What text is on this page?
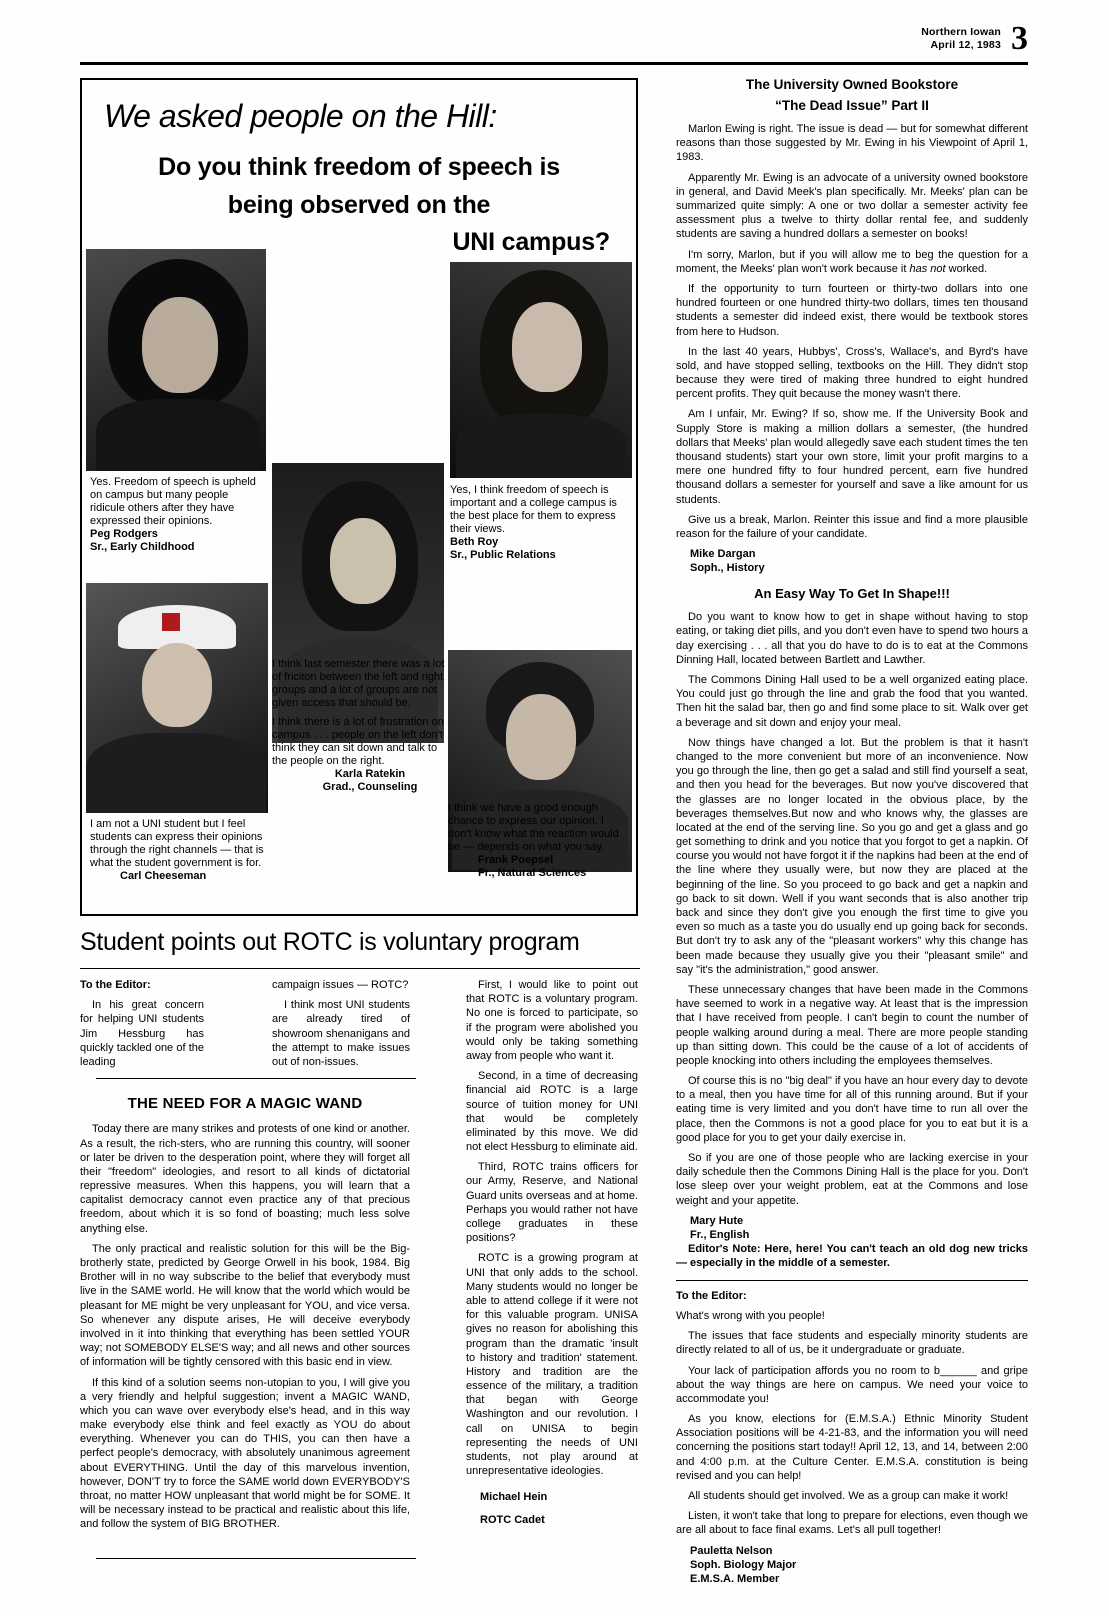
Northern Iowan
April 12, 1983 3
We asked people on the Hill:
Do you think freedom of speech is
being observed on the
UNI campus?
Yes. Freedom of speech is upheld on campus but many people ridicule others after they have expressed their opinions.
Peg Rodgers
Sr., Early Childhood
Yes, I think freedom of speech is important and a college campus is the best place for them to express their views.
Beth Roy
Sr., Public Relations
I think last semester there was a lot of friciton between the left and right groups and a lot of groups are not given access that should be.
I think there is a lot of frustration on campus . . . people on the left don't think they can sit down and talk to the people on the right.
Karla Ratekin
Grad., Counseling
I am not a UNI student but I feel students can express their opinions through the right channels — that is what the student government is for.
Carl Cheeseman
I think we have a good enough chance to express our opinion. I don't know what the reaction would be — depends on what you say.
Frank Poepsel
Fr., Natural Sciences
Student points out ROTC is voluntary program

To the Editor:

In his great concern for helping UNI students Jim Hessburg has quickly tackled one of the leading

campaign issues — ROTC?

I think most UNI students are already tired of showroom shenanigans and the attempt to make issues out of non-issues.

First, I would like to point out that ROTC is a voluntary program. No one is forced to participate, so if the program were abolished you would only be taking something away from people who want it.

Second, in a time of decreasing financial aid ROTC is a large source of tuition money for UNI that would be completely eliminated by this move. We did not elect Hessburg to eliminate aid.

Third, ROTC trains officers for our Army, Reserve, and National Guard units overseas and at home. Perhaps you would rather not have college graduates in these positions?

ROTC is a growing program at UNI that only adds to the school. Many students would no longer be able to attend college if it were not for this valuable program. UNISA gives no reason for abolishing this program than the dramatic 'insult to history and tradition' statement. History and tradition are the essence of the military, a tradition that began with George Washington and our revolution. I call on UNISA to begin representing the needs of UNI students, not play around at unrepresentative ideologies.

Michael Hein

ROTC Cadet

THE NEED FOR A MAGIC WAND

Today there are many strikes and protests of one kind or another. As a result, the rich-sters, who are running this country, will sooner or later be driven to the desperation point, where they will forget all their "freedom" ideologies, and resort to all kinds of dictatorial repressive measures. When this happens, you will learn that a capitalist democracy cannot even practice any of that precious freedom, about which it is so fond of boasting; much less solve anything else.

The only practical and realistic solution for this will be the Big-brotherly state, predicted by George Orwell in his book, 1984. Big Brother will in no way subscribe to the belief that everybody must live in the SAME world. He will know that the world which would be pleasant for ME might be very unpleasant for YOU, and vice versa. So whenever any dispute arises, He will deceive everybody involved in it into thinking that everything has been settled YOUR way; not SOMEBODY ELSE'S way; and all news and other sources of information will be tightly censored with this basic end in view.

If this kind of a solution seems non-utopian to you, I will give you a very friendly and helpful suggestion; invent a MAGIC WAND, which you can wave over everybody else's head, and in this way make everybody else think and feel exactly as YOU do about everything. Whenever you can do THIS, you can then have a perfect people's democracy, with absolutely unanimous agreement about EVERYTHING. Until the day of this marvelous invention, however, DON'T try to force the SAME world down EVERYBODY'S throat, no matter HOW unpleasant that world might be for SOME. It will be necessary instead to be practical and realistic about this life, and follow the system of BIG BROTHER.

The University Owned Bookstore
“The Dead Issue” Part II

Marlon Ewing is right. The issue is dead — but for somewhat different reasons than those suggested by Mr. Ewing in his Viewpoint of April 1, 1983.

Apparently Mr. Ewing is an advocate of a university owned bookstore in general, and David Meek's plan specifically. Mr. Meeks' plan can be summarized quite simply: A one or two dollar a semester activity fee assessment plus a twelve to thirty dollar rental fee, and suddenly students are saving a hundred dollars a semester on books!

I'm sorry, Marlon, but if you will allow me to beg the question for a moment, the Meeks' plan won't work because it has not worked.

If the opportunity to turn fourteen or thirty-two dollars into one hundred fourteen or one hundred thirty-two dollars, times ten thousand students a semester did indeed exist, there would be textbook stores from here to Hudson.

In the last 40 years, Hubbys', Cross's, Wallace's, and Byrd's have sold, and have stopped selling, textbooks on the Hill. They didn't stop because they were tired of making three hundred to eight hundred percent profits. They quit because the money wasn't there.

Am I unfair, Mr. Ewing? If so, show me. If the University Book and Supply Store is making a million dollars a semester, (the hundred dollars that Meeks' plan would allegedly save each student times the ten thousand students) start your own store, limit your profit margins to a mere one hundred fifty to four hundred percent, earn five hundred thousand dollars a semester for yourself and save a like amount for us students.

Give us a break, Marlon. Reinter this issue and find a more plausible reason for the failure of your candidate.

Mike Dargan

Soph., History

An Easy Way To Get In Shape!!!

Do you want to know how to get in shape without having to stop eating, or taking diet pills, and you don't even have to spend two hours a day exercising . . . all that you do have to do is to eat at the Commons Dinning Hall, located between Bartlett and Lawther.

The Commons Dining Hall used to be a well organized eating place. You could just go through the line and grab the food that you wanted. Then hit the salad bar, then go and find some place to sit. Walk over get a beverage and sit down and enjoy your meal.

Now things have changed a lot. But the problem is that it hasn't changed to the more convenient but more of an inconvenience. Now you go through the line, then go get a salad and still find yourself a seat, and then you head for the beverages. But now you've discovered that the glasses are no longer located in the obvious place, by the beverages themselves.But now and who knows why, the glasses are located at the end of the serving line. So you go and get a glass and go get something to drink and you notice that you forgot to get a napkin. Of course you would not have forgot it if the napkins had been at the end of the line where they usually were, but now they are placed at the beginning of the line. So you proceed to go back and get a napkin and go back to sit down. Well if you want seconds that is also another trip back and since they don't give you enough the first time to give you even so much as a taste you do usually end up going back for seconds. But don't try to ask any of the "pleasant workers" why this change has been made because they usually give you their "pleasant smile" and say "it's the administration," good answer.

These unnecessary changes that have been made in the Commons have seemed to work in a negative way. At least that is the impression that I have received from people. I can't begin to count the number of people walking around during a meal. There are more people standing up than sitting down. This could be the cause of a lot of accidents of people knocking into others including the employees themselves.

Of course this is no "big deal" if you have an hour every day to devote to a meal, then you have time for all of this running around. But if your eating time is very limited and you don't have time to run all over the place, then the Commons is not a good place for you to eat but it is a good place for you to get your daily exercise in.

So if you are one of those people who are lacking exercise in your daily schedule then the Commons Dining Hall is the place for you. Don't lose sleep over your weight problem, eat at the Commons and lose weight and your appetite.

Mary Hute

Fr., English

Editor's Note: Here, here! You can't teach an old dog new tricks — especially in the middle of a semester.

To the Editor:

What's wrong with you people!

The issues that face students and especially minority students are directly related to all of us, be it undergraduate or graduate.

Your lack of participation affords you no room to b______ and gripe about the way things are here on campus. We need your voice to accommodate you!

As you know, elections for (E.M.S.A.) Ethnic Minority Student Association positions will be 4-21-83, and the information you will need concerning the positions start today!! April 12, 13, and 14, between 2:00 and 4:00 p.m. at the Culture Center. E.M.S.A. constitution is being revised and you can help!

All students should get involved. We as a group can make it work!

Listen, it won't take that long to prepare for elections, even though we are all about to face final exams. Let's all pull together!

Pauletta Nelson

Soph. Biology Major

E.M.S.A. Member
